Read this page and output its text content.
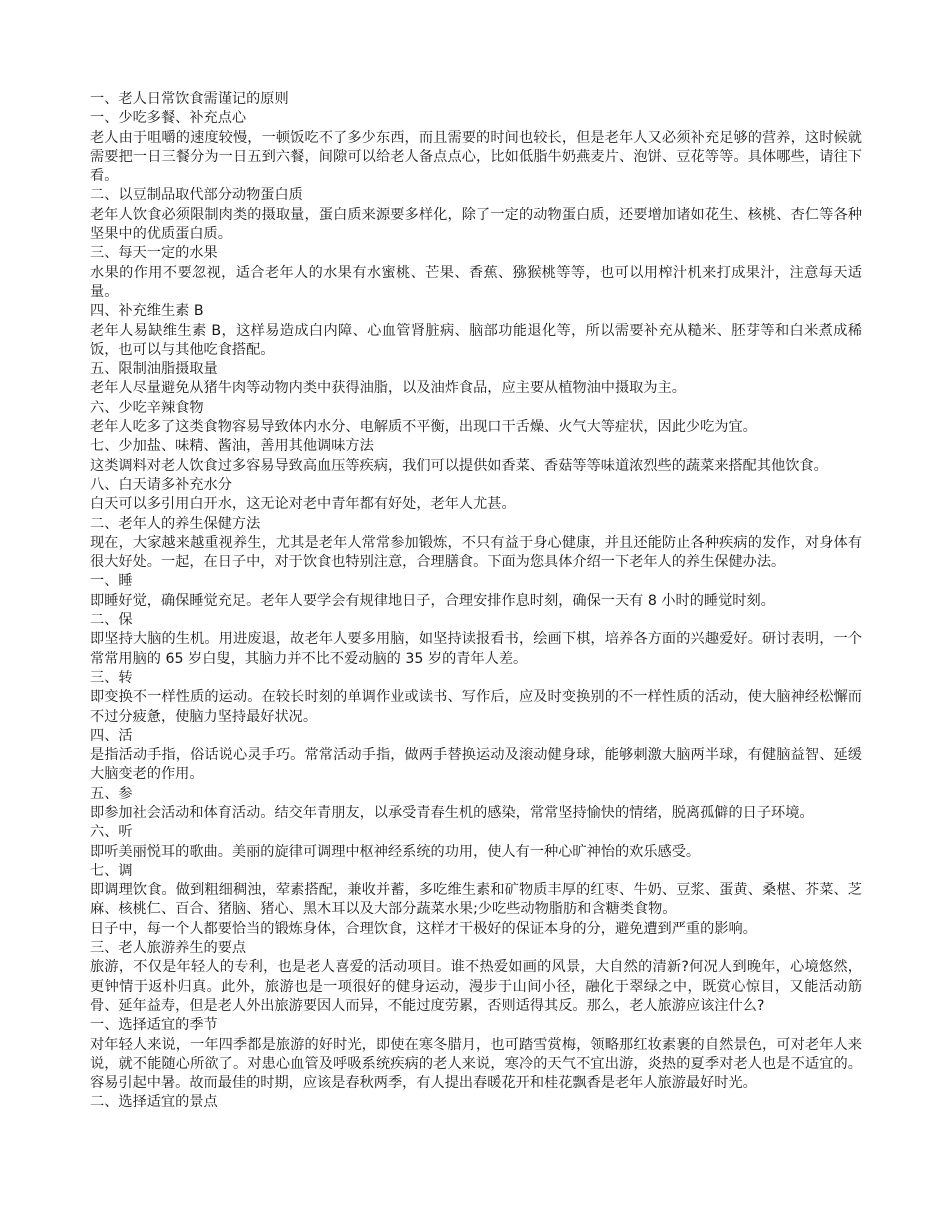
一、老人日常饮食需谨记的原则
一、少吃多餐、补充点心
老人由于咀嚼的速度较慢，一顿饭吃不了多少东西，而且需要的时间也较长，但是老年人又必须补充足够的营养，这时候就需要把一日三餐分为一日五到六餐，间隙可以给老人备点点心，比如低脂牛奶燕麦片、泡饼、豆花等等。具体哪些，请往下看。
二、以豆制品取代部分动物蛋白质
老年人饮食必须限制肉类的摄取量，蛋白质来源要多样化，除了一定的动物蛋白质，还要增加诸如花生、核桃、杏仁等各种坚果中的优质蛋白质。
三、每天一定的水果
水果的作用不要忽视，适合老年人的水果有水蜜桃、芒果、香蕉、猕猴桃等等，也可以用榨汁机来打成果汁，注意每天适量。
四、补充维生素 B
老年人易缺维生素 B，这样易造成白内障、心血管肾脏病、脑部功能退化等，所以需要补充从糙米、胚芽等和白米煮成稀饭，也可以与其他吃食搭配。
五、限制油脂摄取量
老年人尽量避免从猪牛肉等动物内类中获得油脂，以及油炸食品，应主要从植物油中摄取为主。
六、少吃辛辣食物
老年人吃多了这类食物容易导致体内水分、电解质不平衡，出现口干舌燥、火气大等症状，因此少吃为宜。
七、少加盐、味精、酱油，善用其他调味方法
这类调料对老人饮食过多容易导致高血压等疾病，我们可以提供如香菜、香菇等等味道浓烈些的蔬菜来搭配其他饮食。
八、白天请多补充水分
白天可以多引用白开水，这无论对老中青年都有好处，老年人尤甚。
二、老年人的养生保健方法
现在，大家越来越重视养生，尤其是老年人常常参加锻炼，不只有益于身心健康，并且还能防止各种疾病的发作，对身体有很大好处。一起，在日子中，对于饮食也特别注意，合理膳食。下面为您具体介绍一下老年人的养生保健办法。
一、睡
即睡好觉，确保睡觉充足。老年人要学会有规律地日子，合理安排作息时刻，确保一天有 8 小时的睡觉时刻。
二、保
即坚持大脑的生机。用进废退，故老年人要多用脑，如坚持读报看书，绘画下棋，培养各方面的兴趣爱好。研讨表明，一个常常用脑的 65 岁白叟，其脑力并不比不爱动脑的 35 岁的青年人差。
三、转
即变换不一样性质的运动。在较长时刻的单调作业或读书、写作后，应及时变换别的不一样性质的活动，使大脑神经松懈而不过分疲惫，使脑力坚持最好状况。
四、活
是指活动手指，俗话说心灵手巧。常常活动手指，做两手替换运动及滚动健身球，能够刺激大脑两半球，有健脑益智、延缓大脑变老的作用。
五、参
即参加社会活动和体育活动。结交年青朋友，以承受青春生机的感染，常常坚持愉快的情绪，脱离孤僻的日子环境。
六、听
即听美丽悦耳的歌曲。美丽的旋律可调理中枢神经系统的功用，使人有一种心旷神怡的欢乐感受。
七、调
即调理饮食。做到粗细稠浊，荤素搭配，兼收并蓄，多吃维生素和矿物质丰厚的红枣、牛奶、豆浆、蛋黄、桑椹、芥菜、芝麻、核桃仁、百合、猪脑、猪心、黑木耳以及大部分蔬菜水果;少吃些动物脂肪和含糖类食物。
日子中，每一个人都要恰当的锻炼身体，合理饮食，这样才干极好的保证本身的分，避免遭到严重的影响。
三、老人旅游养生的要点
旅游，不仅是年轻人的专利，也是老人喜爱的活动项目。谁不热爱如画的风景，大自然的清新?何况人到晚年，心境悠然，更钟情于返朴归真。此外，旅游也是一项很好的健身运动，漫步于山间小径，融化于翠绿之中，既赏心惊目，又能活动筋骨、延年益寿，但是老人外出旅游要因人而异，不能过度劳累，否则适得其反。那么，老人旅游应该注什么?
一、选择适宜的季节
对年轻人来说，一年四季都是旅游的好时光，即使在寒冬腊月，也可踏雪赏梅，领略那红妆素裹的自然景色，可对老年人来说，就不能随心所欲了。对患心血管及呼吸系统疾病的老人来说，寒冷的天气不宜出游，炎热的夏季对老人也是不适宜的。容易引起中暑。故而最佳的时期，应该是春秋两季，有人提出春暖花开和桂花飘香是老年人旅游最好时光。
二、选择适宜的景点
